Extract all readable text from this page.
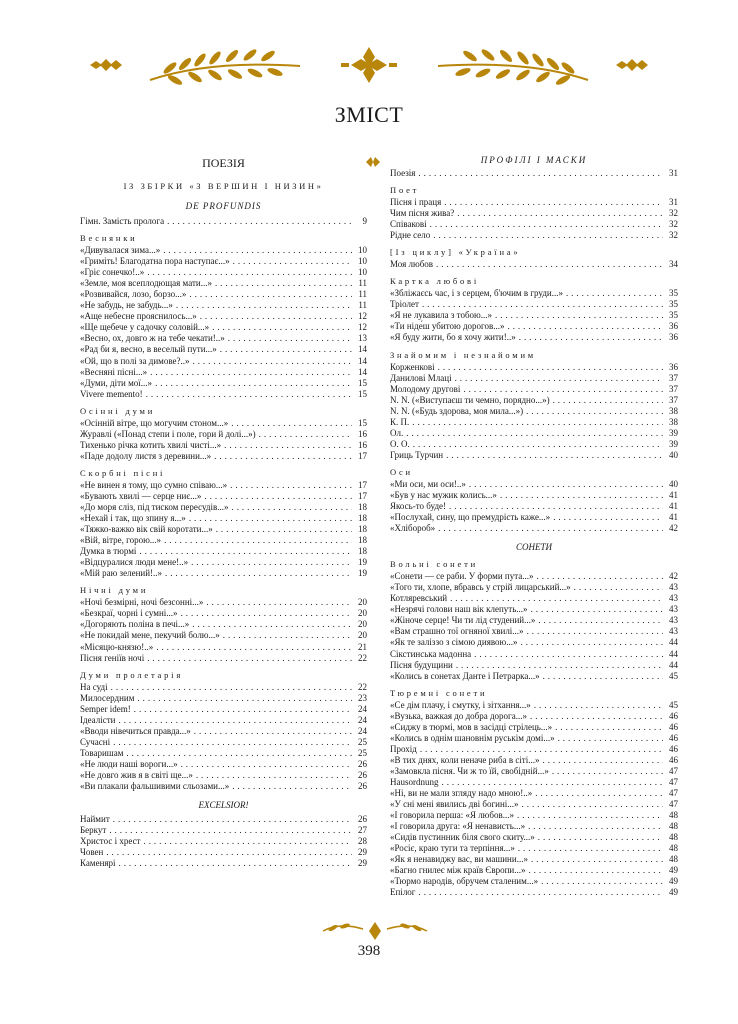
ЗМІСТ
ПОЕЗІЯ
ІЗ ЗБІРКИ «З ВЕРШИН І НИЗИН»
DE PROFUNDIS
Гімн. Замість пролога . . .	9
Веснянки
«Дивувалася зима...» . . .	10
«Гриміть! Благодатна пора наступає...» . . .	10
«Гріє сонечко!..» . . .	10
«Земле, моя всеплодющая мати...» . . .	11
«Розвивайся, лозо, борзо...» . . .	11
«Не забудь, не забудь...» . . .	11
«Аще небесне прояснилось...» . . .	12
«Ще щебече у садочку соловій...» . . .	12
«Весно, ох, довго ж на тебе чекати!..» . . .	13
«Рад би я, весно, в веселый пути...» . . .	14
«Ой, що в полі за димове?..» . . .	14
«Весняні пісні...» . . .	14
«Думи, діти мої...» . . .	15
Vivere memento! . . .	15
Осінні думи
«Осінній вітре, що могучим стоном...» . . .	15
Журавлі («Понад степи і поле, гори й долі...») . . .	16
Тихенько річка котить хвилі чисті...» . . .	16
«Паде додолу листя з деревини...» . . .	17
Скорбні пісні
«Не винен я тому, що сумно співаю...» . . .	17
«Бувають хвилі — серце ниє...» . . .	17
«До моря сліз, під тиском пересудів...» . . .	18
«Нехай і так, що зпину я...» . . .	18
«Тяжко-важко вік свій коротати...» . . .	18
«Вій, вітре, горою...» . . .	18
Думка в тюрмі . . .	18
«Відцуралися люди мене!..» . . .	19
«Мій раю зелений!..» . . .	19
Нічні думи
«Ночі безмірні, ночі безсонні...» . . .	20
«Безкраї, чорні і сумні...» . . .	20
«Догоряють поліна в печі...» . . .	20
«Не покидай мене, пекучий болю...» . . .	20
«Місяцю-князю!..» . . .	21
Пісня геніїв ночі . . .	22
Думи пролетарія
На суді . . .	22
Милосердним . . .	23
Semper idem! . . .	24
Ідеалісти . . .	24
«Вводи нівечиться правда...» . . .	24
Сучасні . . .	25
Товаришам . . .	25
«Не люди наші вороги...» . . .	26
«Не довго жив я в світі ще...» . . .	26
«Ви плакали фальшивими сльозами...» . . .	26
EXCELSIOR!
Наймит . . .	26
Беркут . . .	27
Христос і хрест . . .	28
Човен . . .	29
Каменярі . . .	29
ПРОФІЛІ І МАСКИ
Поезія . . .	31
Поет
Пісня і праця . . .	31
Чим пісня жива? . . .	32
Співакові . . .	32
Рідне село . . .	32
[Із циклу] «Україна»
Моя любов . . .	34
Картка любові
«Збліжаєсь час, і з серцем, б'ючим в груди...» . . .	35
Тріолет . . .	35
«Я не лукавила з тобою...» . . .	35
«Ти ніде́ш убитою дорогов...» . . .	36
«Я буду жити, бо я хочу жити!..» . . .	36
Знайомим і незнайомим
Корженкові . . .	36
Данилові Млаці . . .	37
Молодому другові . . .	37
N. N. («Виступаєш ти чемно, порядно...») . . .	37
N. N. («Будь здорова, моя мила...») . . .	38
К. П. . . .	38
Ол. . . .	39
О. О. . . .	39
Гриць Турчин . . .	40
Оси
«Ми оси, ми оси!..» . . .	40
«Був у нас мужик колись...» . . .	41
Якось-то буде! . . .	41
«Послухай, сину, що премудрість каже...» . . .	41
«Хлібороб» . . .	42
СОНЕТИ
Вольні сонети
«Сонети — се раби. У форми пута...» . . .	42
«Того ти, хлопе, вбравсь у стрій лицарський...» . . .	43
Котляревський . . .	43
«Незрячі голови наш вік клепуть...» . . .	43
«Жіноче серце! Чи ти лід студений...» . . .	43
«Вам страшно тої огняної хвилі...» . . .	43
«Як те заліззо з сімою диявою...» . . .	44
Сікстинська мадонна . . .	44
Пісня будущини . . .	44
«Колись в сонетах Данте і Петрарка...» . . .	45
Тюремні сонети
«Се дім плачу, і смутку, і зітхання...» . . .	45
«Вузька, важкая до добра дорога...» . . .	46
«Сиджу в тюрмі, мов в засідці стрілець...» . . .	46
«Колись в однім шановнім руськім домі...» . . .	46
Прохід . . .	46
«В тих днях, коли неначе риба в сіті...» . . .	46
«Замовкла пісня. Чи ж то їй, свобідній...» . . .	47
Hausordnung . . .	47
«Ні, ви не мали згляду надо мною!..» . . .	47
«У сні мені явились дві богині...» . . .	47
«І говорила перша: «Я любов...» . . .	48
«І говорила друга: «Я ненависть...» . . .	48
«Сидів пустинник біля свого скиту...» . . .	48
«Росіє, краю туги та терпіння...» . . .	48
«Як я ненавиджу вас, ви машини...» . . .	48
«Багно гнилеє між країв Європи...» . . .	49
«Тюрмо народів, обручем сталеним...» . . .	49
Епілог . . .	49
398
